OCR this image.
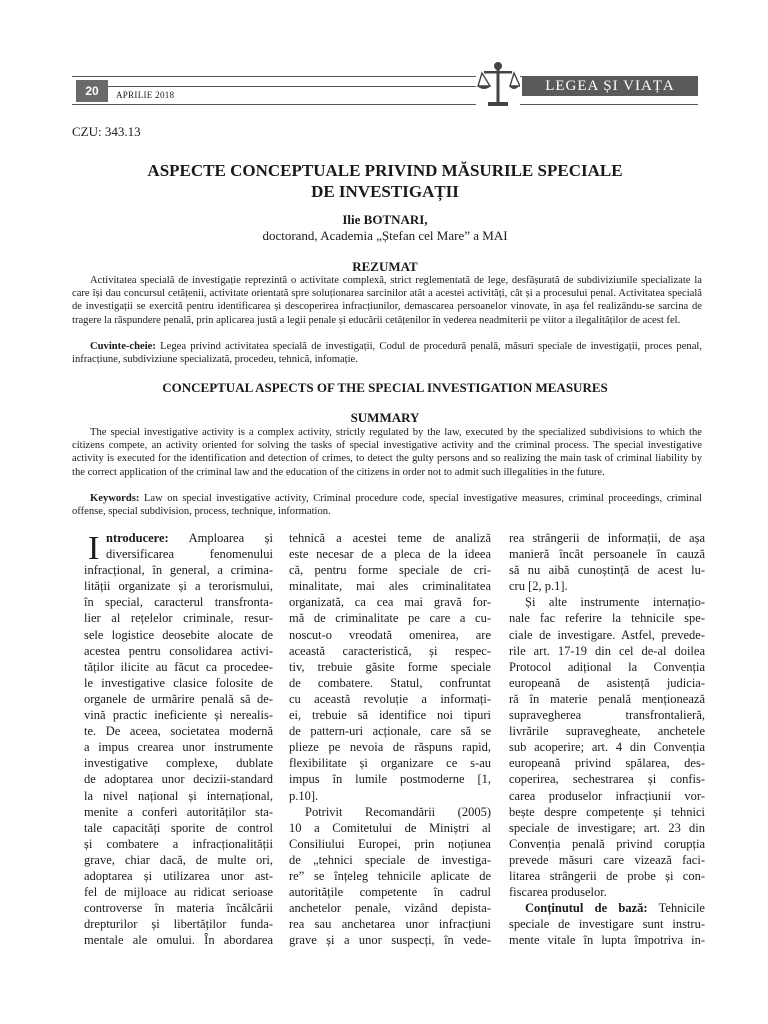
20	APRILIE 2018
LEGEA ȘI VIAȚA
CZU: 343.13
ASPECTE CONCEPTUALE PRIVIND MĂSURILE SPECIALE
DE INVESTIGAȚII
Ilie BOTNARI,
doctorand, Academia „Ștefan cel Mare” a MAI
REZUMAT

Activitatea specială de investigație reprezintă o activitate complexă, strict reglementată de lege, desfășurată de subdiviziunile specializate la care își dau concursul cetățenii, activitate orientată spre soluționarea sarcinilor atât a acestei activități, cât și a procesului penal. Activitatea specială de investigații se exercită pentru identificarea și descoperirea infracțiunilor, demascarea persoanelor vinovate, în așa fel realizându-se sarcina de tragere la răspundere penală, prin aplicarea justă a legii penale și educării cetățenilor în vederea neadmiterii pe viitor a ilegalităților de acest fel.

Cuvinte-cheie: Legea privind activitatea specială de investigații, Codul de procedură penală, măsuri speciale de investigații, proces penal, infracțiune, subdiviziune specializată, procedeu, tehnică, infomație.

CONCEPTUAL ASPECTS OF THE SPECIAL INVESTIGATION MEASURES
SUMMARY

The special investigative activity is a complex activity, strictly regulated by the law, executed by the specialized subdivisions to which the citizens compete, an activity oriented for solving the tasks of special investigative activity and the criminal process. The special investigative activity is executed for the identification and detection of crimes, to detect the gulty persons and so realizing the main task of criminal liability by the correct application of the criminal law and the education of the citizens in order not to admit such illegalities in the future.

Keywords: Law on special investigative activity, Criminal procedure code, special investigative measures, criminal proceedings, criminal offense, special subdivision, process, technique, information.

I ntroducere: Amploarea și
diversificarea fenomenului
infracțional, în general, a crimina-
lității organizate și a terorismului,
în special, caracterul transfronta-
lier al rețelelor criminale, resur-
sele logistice deosebite alocate de
acestea pentru consolidarea activi-
tăților ilicite au făcut ca procedee-
le investigative clasice folosite de
organele de urmărire penală să de-
vină practic ineficiente și nerealis-
te. De aceea, societatea modernă
a impus crearea unor instrumente
investigative complexe, dublate
de adoptarea unor decizii-standard
la nivel național și internațional,
menite a conferi autorităților sta-
tale capacități sporite de control
și combatere a infracționalității
grave, chiar dacă, de multe ori,
adoptarea și utilizarea unor ast-
fel de mijloace au ridicat serioase
controverse în materia încălcării
drepturilor și libertăților funda-
mentale ale omului. În abordarea
tehnică a acestei teme de analiză
este necesar de a pleca de la ideea
că, pentru forme speciale de cri-
minalitate, mai ales criminalitatea
organizată, ca cea mai gravă for-
mă de criminalitate pe care a cu-
noscut-o vreodată omenirea, are
această caracteristică, și respec-
tiv, trebuie găsite forme speciale
de combatere. Statul, confruntat
cu această revoluție a informați-
ei, trebuie să identifice noi tipuri
de pattern-uri acționale, care să se
plieze pe nevoia de răspuns rapid,
flexibilitate și organizare ce s-au
impus în lumile postmoderne [1,
p.10].
Potrivit Recomandării (2005)
10 a Comitetului de Miniștri al
Consiliului Europei, prin noțiunea
de „tehnici speciale de investiga-
re” se înțeleg tehnicile aplicate de
autoritățile competente în cadrul
anchetelor penale, vizând depista-
rea sau anchetarea unor infracțiuni
grave și a unor suspecți, în vede-
rea strângerii de informații, de așa
manieră încât persoanele în cauză
să nu aibă cunoștință de acest lu-
cru [2, p.1].
Și alte instrumente internațio-
nale fac referire la tehnicile spe-
ciale de investigare. Astfel, prevede-
rile art. 17-19 din cel de-al doilea
Protocol adițional la Convenția
europeană de asistență judicia-
ră în materie penală menționează
supravegherea transfrontalieră,
livrările supravegheate, anchetele
sub acoperire; art. 4 din Convenția
europeană privind spălarea, des-
coperirea, sechestrarea și confis-
carea produselor infracțiunii vor-
bește despre competențe și tehnici
speciale de investigare; art. 23 din
Convenția penală privind corupția
prevede măsuri care vizează faci-
litarea strângerii de probe și con-
fiscarea produselor.
Conținutul de bază: Tehnicile
speciale de investigare sunt instru-
mente vitale în lupta împotriva in-
